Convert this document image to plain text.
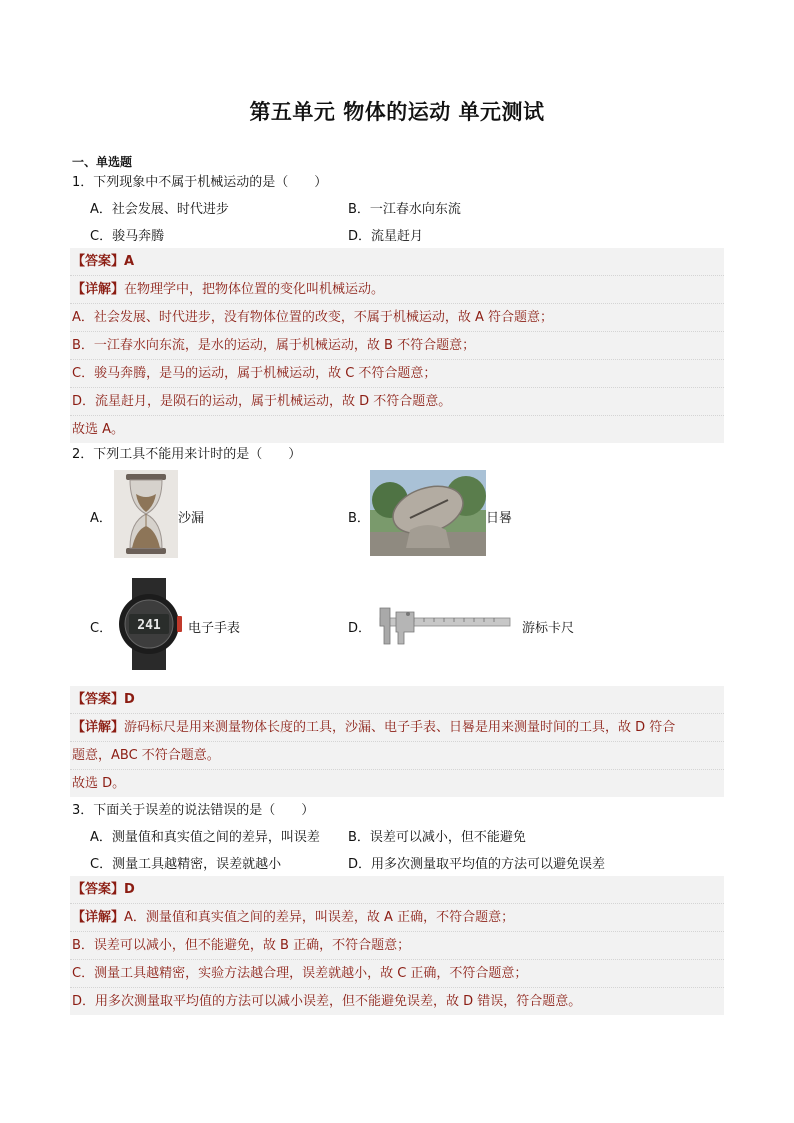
第五单元 物体的运动 单元测试
一、单选题
1．下列现象中不属于机械运动的是（　　）
A．社会发展、时代进步	B．一江春水向东流
C．骏马奔腾	D．流星赶月
【答案】A
【详解】在物理学中，把物体位置的变化叫机械运动。
A．社会发展、时代进步，没有物体位置的改变，不属于机械运动，故 A 符合题意；
B．一江春水向东流，是水的运动，属于机械运动，故 B 不符合题意；
C．骏马奔腾，是马的运动，属于机械运动，故 C 不符合题意；
D．流星赶月，是陨石的运动，属于机械运动，故 D 不符合题意。
故选 A。
2．下列工具不能用来计时的是（　　）
A．	沙漏	B．	日晷
C． 241 电子手表	D．	游标卡尺
【答案】D
【详解】游码标尺是用来测量物体长度的工具，沙漏、电子手表、日晷是用来测量时间的工具，故 D 符合
题意，ABC 不符合题意。
故选 D。
3．下面关于误差的说法错误的是（　　）
A．测量值和真实值之间的差异，叫误差 B．误差可以减小，但不能避免
C．测量工具越精密，误差就越小	D．用多次测量取平均值的方法可以避免误差
【答案】D
【详解】A．测量值和真实值之间的差异，叫误差，故 A 正确，不符合题意；
B．误差可以减小，但不能避免，故 B 正确，不符合题意；
C．测量工具越精密，实验方法越合理，误差就越小，故 C 正确，不符合题意；
D．用多次测量取平均值的方法可以减小误差，但不能避免误差，故 D 错误，符合题意。
